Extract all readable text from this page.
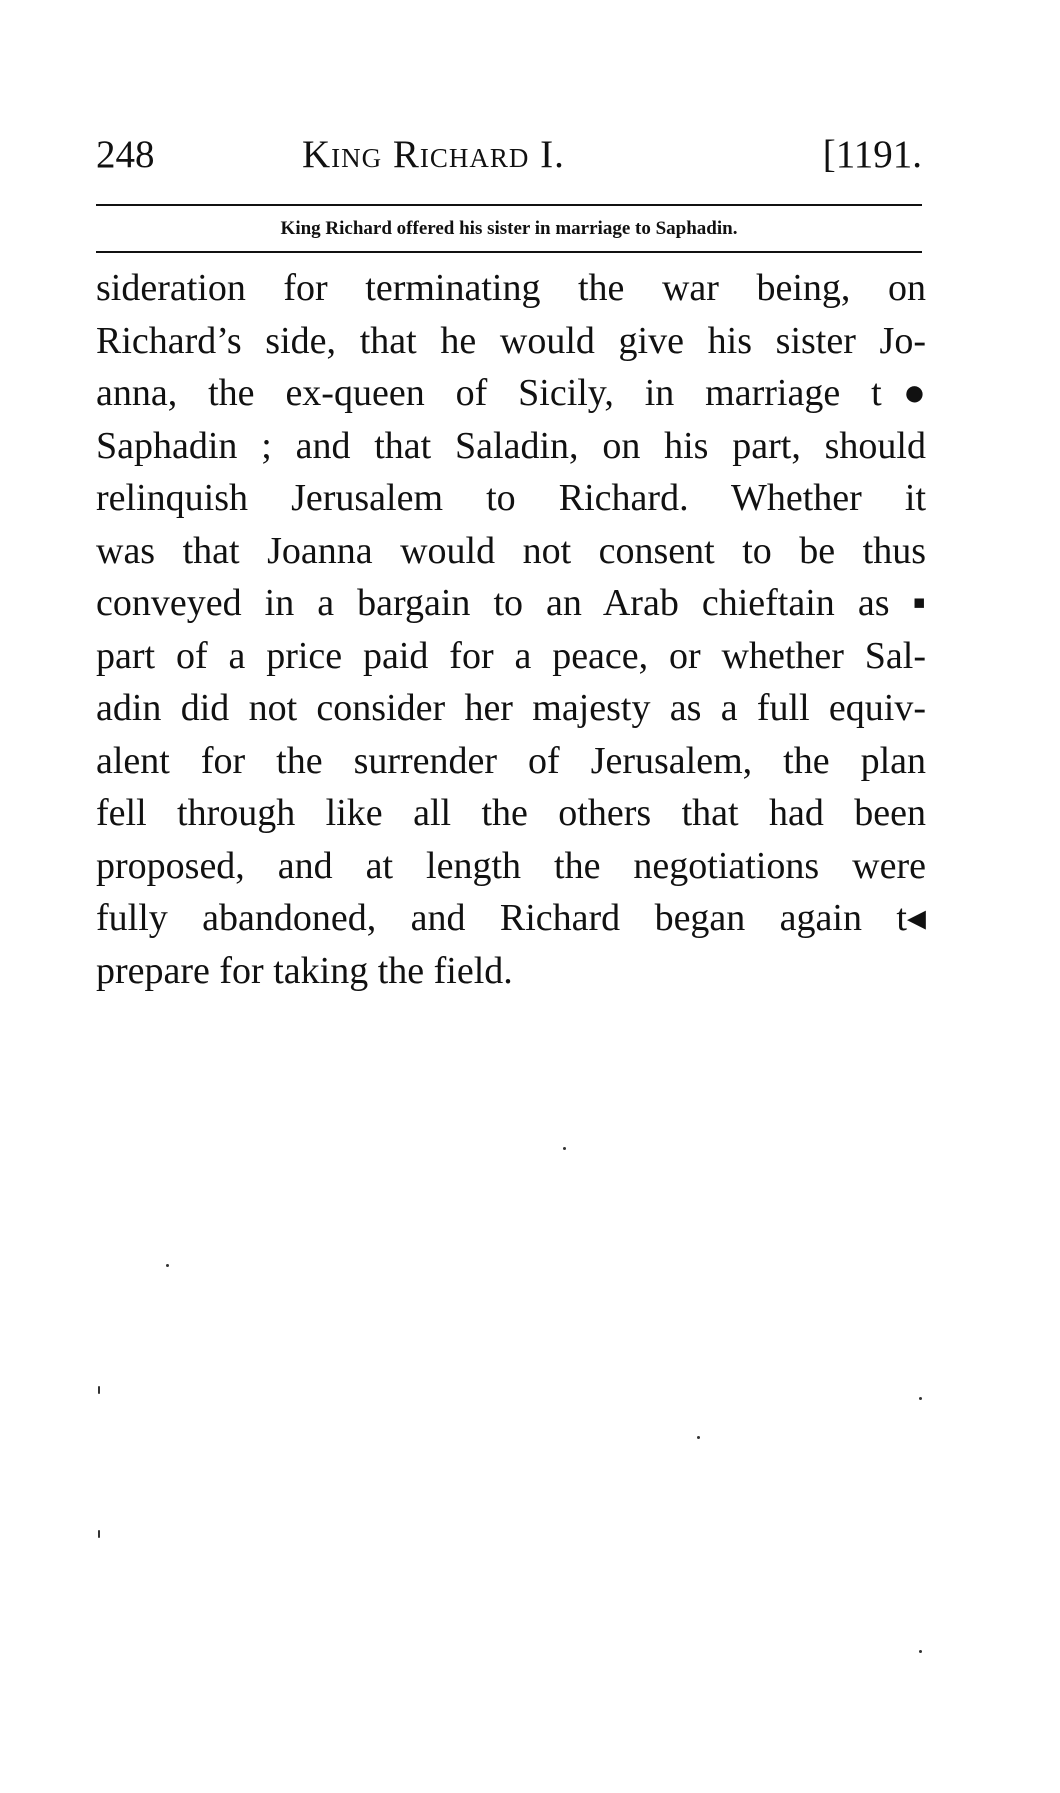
248	King Richard I.	[1191.
King Richard offered his sister in marriage to Saphadin.
sideration for terminating the war being, on
Richard’s side, that he would give his sister Jo-
anna, the ex-queen of Sicily, in marriage t●
Saphadin ; and that Saladin, on his part, should
relinquish Jerusalem to Richard. Whether it
was that Joanna would not consent to be thus
conveyed in a bargain to an Arab chieftain as ▪
part of a price paid for a peace, or whether Sal-
adin did not consider her majesty as a full equiv-
alent for the surrender of Jerusalem, the plan
fell through like all the others that had been
proposed, and at length the negotiations were
fully abandoned, and Richard began again t◂
prepare for taking the field.
